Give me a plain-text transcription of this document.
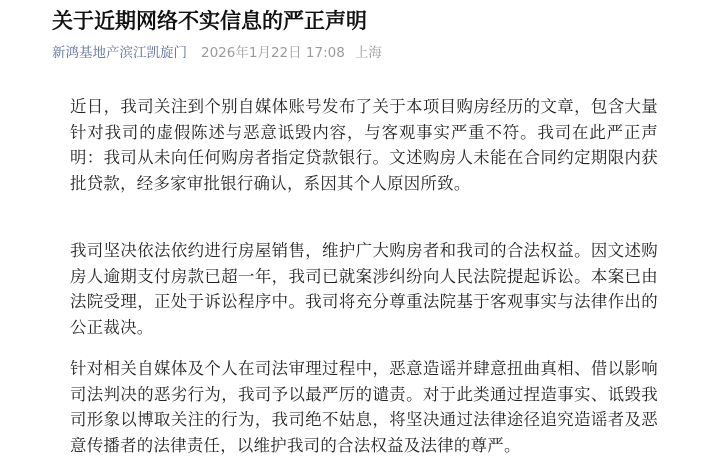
关于近期网络不实信息的严正声明
新鸿基地产滨江凯旋门 2026年1月22日 17:08 上海

近日，我司关注到个别自媒体账号发布了关于本项目购房经历的文章，包含大量针对我司的虚假陈述与恶意诋毁内容，与客观事实严重不符。我司在此严正声明：我司从未向任何购房者指定贷款银行。文述购房人未能在合同约定期限内获批贷款，经多家审批银行确认，系因其个人原因所致。

我司坚决依法依约进行房屋销售，维护广大购房者和我司的合法权益。因文述购房人逾期支付房款已超一年，我司已就案涉纠纷向人民法院提起诉讼。本案已由法院受理，正处于诉讼程序中。我司将充分尊重法院基于客观事实与法律作出的公正裁决。

针对相关自媒体及个人在司法审理过程中，恶意造谣并肆意扭曲真相、借以影响司法判决的恶劣行为，我司予以最严厉的谴责。对于此类通过捏造事实、诋毁我司形象以博取关注的行为，我司绝不姑息，将坚决通过法律途径追究造谣者及恶意传播者的法律责任，以维护我司的合法权益及法律的尊严。
